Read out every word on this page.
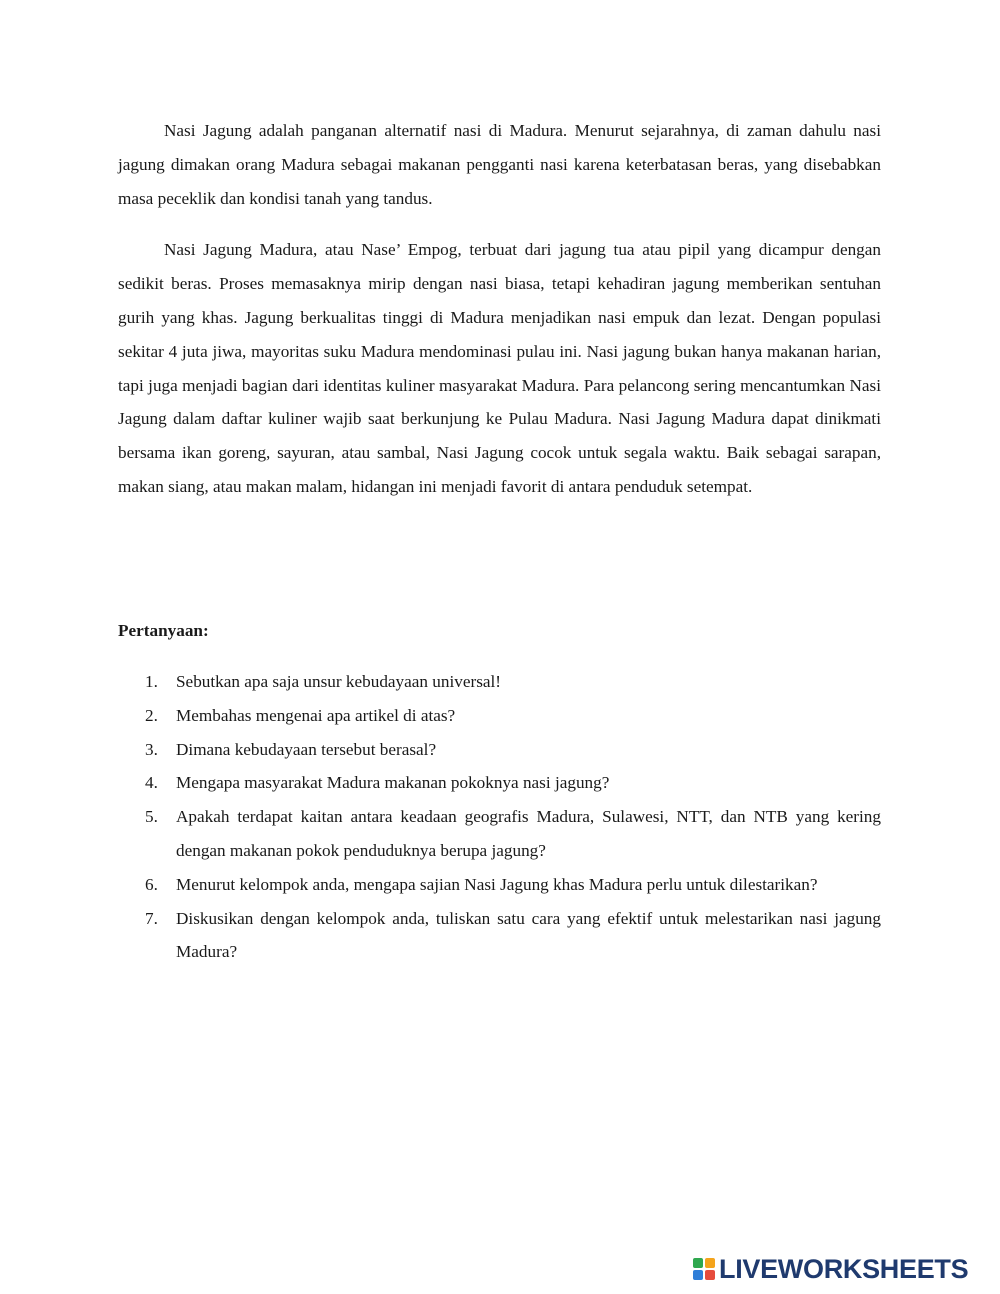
Nasi Jagung adalah panganan alternatif nasi di Madura. Menurut sejarahnya, di zaman dahulu nasi jagung dimakan orang Madura sebagai makanan pengganti nasi karena keterbatasan beras, yang disebabkan masa peceklik dan kondisi tanah yang tandus.

Nasi Jagung Madura, atau Nase’ Empog, terbuat dari jagung tua atau pipil yang dicampur dengan sedikit beras. Proses memasaknya mirip dengan nasi biasa, tetapi kehadiran jagung memberikan sentuhan gurih yang khas. Jagung berkualitas tinggi di Madura menjadikan nasi empuk dan lezat. Dengan populasi sekitar 4 juta jiwa, mayoritas suku Madura mendominasi pulau ini. Nasi jagung bukan hanya makanan harian, tapi juga menjadi bagian dari identitas kuliner masyarakat Madura. Para pelancong sering mencantumkan Nasi Jagung dalam daftar kuliner wajib saat berkunjung ke Pulau Madura. Nasi Jagung Madura dapat dinikmati bersama ikan goreng, sayuran, atau sambal, Nasi Jagung cocok untuk segala waktu. Baik sebagai sarapan, makan siang, atau makan malam, hidangan ini menjadi favorit di antara penduduk setempat.

Pertanyaan:
1.	Sebutkan apa saja unsur kebudayaan universal!
2.	Membahas mengenai apa artikel di atas?
3.	Dimana kebudayaan tersebut berasal?
4.	Mengapa masyarakat Madura makanan pokoknya nasi jagung?
5.	Apakah terdapat kaitan antara keadaan geografis Madura, Sulawesi, NTT, dan NTB yang kering dengan makanan pokok penduduknya berupa jagung?
6.	Menurut kelompok anda, mengapa sajian Nasi Jagung khas Madura perlu untuk dilestarikan?
7.	Diskusikan dengan kelompok anda, tuliskan satu cara yang efektif untuk melestarikan nasi jagung Madura?
LIVEWORKSHEETS
